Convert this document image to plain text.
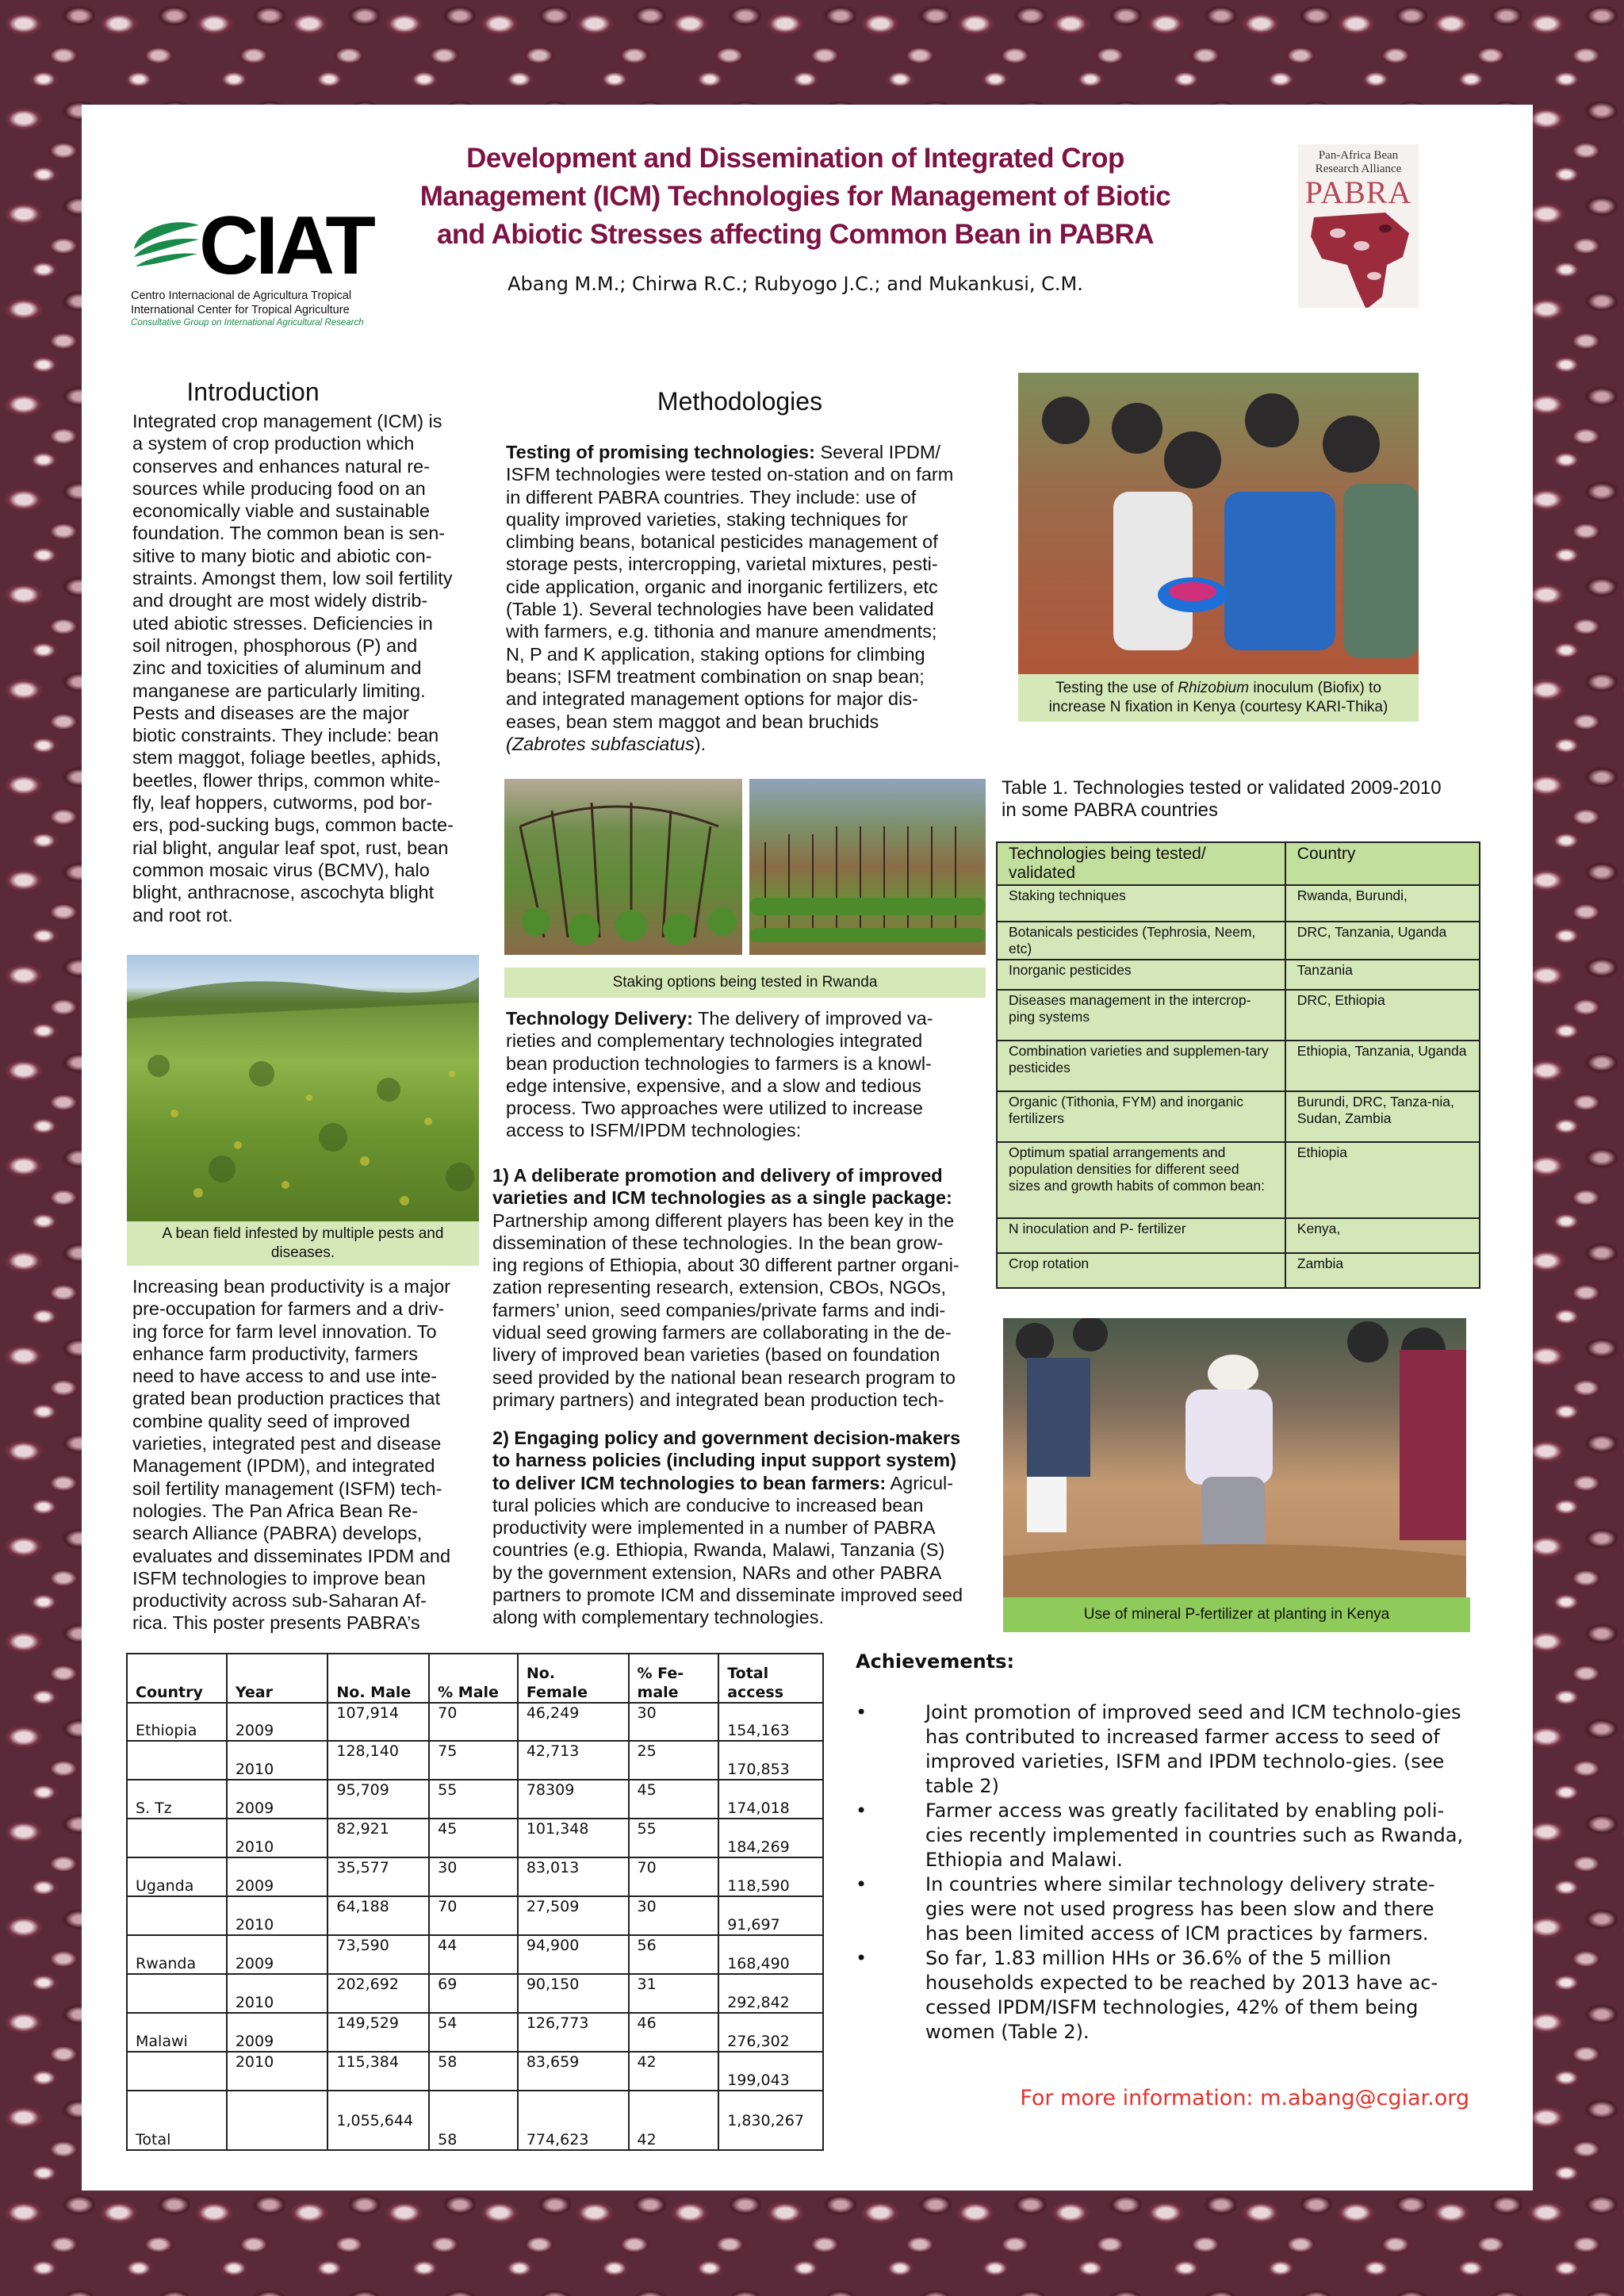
CIAT
Centro Internacional de Agricultura Tropical
International Center for Tropical Agriculture
Consultative Group on International Agricultural Research
Development and Dissemination of Integrated Crop
Management (ICM) Technologies for Management of Biotic
and Abiotic Stresses affecting Common Bean in PABRA
Abang M.M.; Chirwa R.C.; Rubyogo J.C.; and Mukankusi, C.M.
Pan-Africa Bean
Research Alliance
PABRA
Introduction
Integrated crop management (ICM) is
a system of crop production which
conserves and enhances natural re-
sources while producing food on an
economically viable and sustainable
foundation. The common bean is sen-
sitive to many biotic and abiotic con-
straints. Amongst them, low soil fertility
and drought are most widely distrib-
uted abiotic stresses. Deficiencies in
soil nitrogen, phosphorous (P) and
zinc and toxicities of aluminum and
manganese are particularly limiting.
Pests and diseases are the major
biotic constraints. They include: bean
stem maggot, foliage beetles, aphids,
beetles, flower thrips, common white-
fly, leaf hoppers, cutworms, pod bor-
ers, pod-sucking bugs, common bacte-
rial blight, angular leaf spot, rust, bean
common mosaic virus (BCMV), halo
blight, anthracnose, ascochyta blight
and root rot.
A bean field infested by multiple pests and diseases.
Increasing bean productivity is a major
pre-occupation for farmers and a driv-
ing force for farm level innovation. To
enhance farm productivity, farmers
need to have access to and use inte-
grated bean production practices that
combine quality seed of improved
varieties, integrated pest and disease
Management (IPDM), and integrated
soil fertility management (ISFM) tech-
nologies. The Pan Africa Bean Re-
search Alliance (PABRA) develops,
evaluates and disseminates IPDM and
ISFM technologies to improve bean
productivity across sub-Saharan Af-
rica. This poster presents PABRA’s
Methodologies
Testing of promising technologies: Several IPDM/
ISFM technologies were tested on-station and on farm
in different PABRA countries. They include: use of
quality improved varieties, staking techniques for
climbing beans, botanical pesticides management of
storage pests, intercropping, varietal mixtures, pesti-
cide application, organic and inorganic fertilizers, etc
(Table 1). Several technologies have been validated
with farmers, e.g. tithonia and manure amendments;
N, P and K application, staking options for climbing
beans; ISFM treatment combination on snap bean;
and integrated management options for major dis-
eases, bean stem maggot and bean bruchids
(Zabrotes subfasciatus).
Staking options being tested in Rwanda
Technology Delivery: The delivery of improved va-
rieties and complementary technologies integrated
bean production technologies to farmers is a knowl-
edge intensive, expensive, and a slow and tedious
process. Two approaches were utilized to increase
access to ISFM/IPDM technologies:
1) A deliberate promotion and delivery of improved
varieties and ICM technologies as a single package:
Partnership among different players has been key in the
dissemination of these technologies. In the bean grow-
ing regions of Ethiopia, about 30 different partner organi-
zation representing research, extension, CBOs, NGOs,
farmers’ union, seed companies/private farms and indi-
vidual seed growing farmers are collaborating in the de-
livery of improved bean varieties (based on foundation
seed provided by the national bean research program to
primary partners) and integrated bean production tech-
2) Engaging policy and government decision-makers
to harness policies (including input support system)
to deliver ICM technologies to bean farmers: Agricul-
tural policies which are conducive to increased bean
productivity were implemented in a number of PABRA
countries (e.g. Ethiopia, Rwanda, Malawi, Tanzania (S)
by the government extension, NARs and other PABRA
partners to promote ICM and disseminate improved seed
along with complementary technologies.
Testing the use of Rhizobium inoculum (Biofix) to
increase N fixation in Kenya (courtesy KARI-Thika)
Table 1. Technologies tested or validated 2009-2010
in some PABRA countries
Technologies being tested/ validated	Country
Staking techniques	Rwanda, Burundi,
Botanicals pesticides (Tephrosia, Neem, etc)	DRC, Tanzania, Uganda
Inorganic pesticides	Tanzania
Diseases management in the intercrop-ping systems	DRC, Ethiopia
Combination varieties and supplemen-tary pesticides	Ethiopia, Tanzania, Uganda
Organic (Tithonia, FYM) and inorganic fertilizers	Burundi, DRC, Tanza-nia, Sudan, Zambia
Optimum spatial arrangements and population densities for different seed sizes and growth habits of common bean:	Ethiopia
N inoculation and P- fertilizer	Kenya,
Crop rotation	Zambia
Use of mineral P-fertilizer at planting in Kenya
Country	Year	No. Male	% Male	No. Female	% Fe-male	Total access
Ethiopia	2009	107,914	70	46,249	30	154,163
	2010	128,140	75	42,713	25	170,853
S. Tz	2009	95,709	55	78309	45	174,018
	2010	82,921	45	101,348	55	184,269
Uganda	2009	35,577	30	83,013	70	118,590
	2010	64,188	70	27,509	30	91,697
Rwanda	2009	73,590	44	94,900	56	168,490
	2010	202,692	69	90,150	31	292,842
Malawi	2009	149,529	54	126,773	46	276,302
	2010	115,384	58	83,659	42	199,043
Total		1,055,644	58	774,623	42	1,830,267
Achievements:
•	Joint promotion of improved seed and ICM technolo-gies has contributed to increased farmer access to seed of improved varieties, ISFM and IPDM technolo-gies. (see table 2)
•	Farmer access was greatly facilitated by enabling poli-cies recently implemented in countries such as Rwanda, Ethiopia and Malawi.
•	In countries where similar technology delivery strate-gies were not used progress has been slow and there has been limited access of ICM practices by farmers.
•	So far, 1.83 million HHs or 36.6% of the 5 million households expected to be reached by 2013 have ac-cessed IPDM/ISFM technologies, 42% of them being women (Table 2).
For more information: m.abang@cgiar.org
